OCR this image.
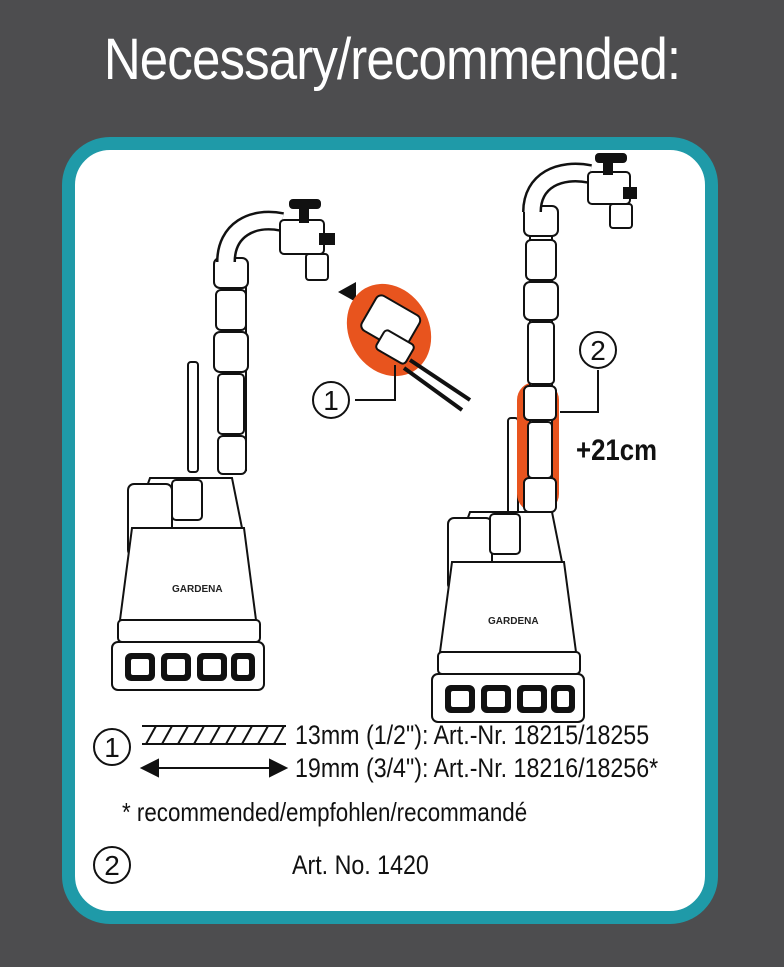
Necessary/recommended:
GARDENA
GARDENA
1
2
+21cm
1	13mm (1/2"): Art.-Nr. 18215/18255
19mm (3/4"): Art.-Nr. 18216/18256*
* recommended/empfohlen/recommandé
2	Art. No. 1420
